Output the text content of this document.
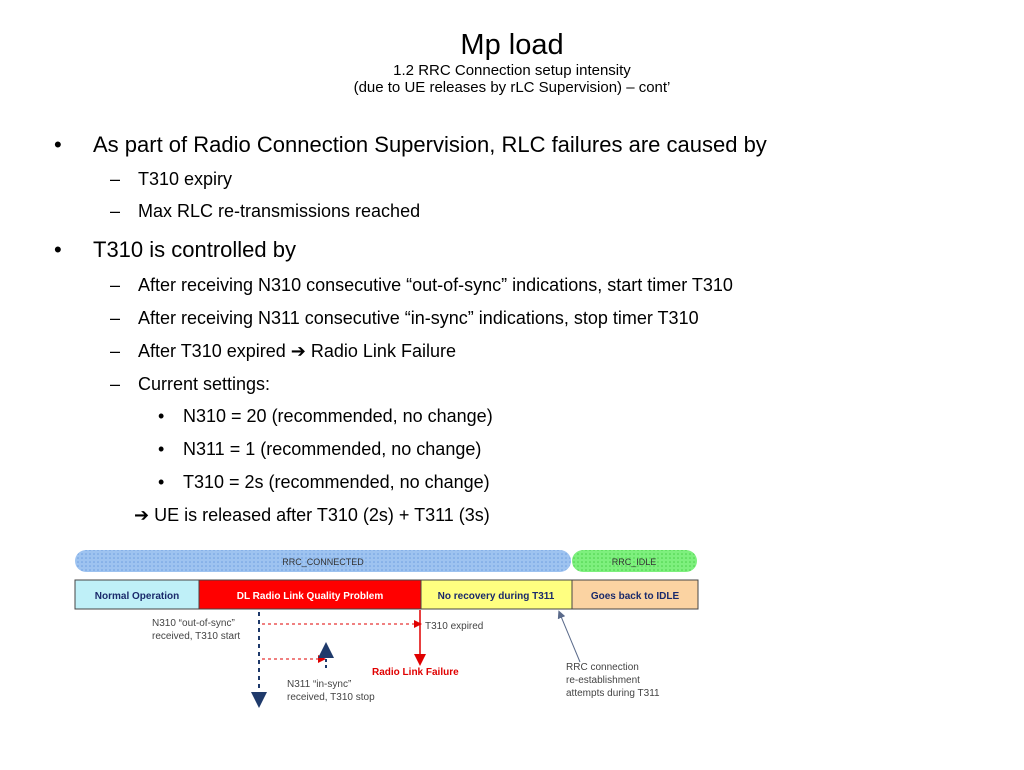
Mp load
1.2 RRC Connection setup intensity
(due to UE releases by rLC Supervision) – cont’
• As part of Radio Connection Supervision, RLC failures are caused by
– T310 expiry
– Max RLC re-transmissions reached
• T310 is controlled by
– After receiving N310 consecutive “out-of-sync” indications, start timer T310
– After receiving N311 consecutive “in-sync” indications, stop timer T310
– After T310 expired ➔ Radio Link Failure
– Current settings:
• N310 = 20 (recommended, no change)
• N311 = 1 (recommended, no change)
• T310 = 2s (recommended, no change)
➔ UE is released after T310 (2s) + T311 (3s)
RRC_CONNECTED	RRC_IDLE
Normal Operation	DL Radio Link Quality Problem	No recovery during T311	Goes back to IDLE
N310 “out-of-sync”
received, T310 start
T310 expired
Radio Link Failure
N311 “in-sync”
received, T310 stop
RRC connection
re-establishment
attempts during T311
